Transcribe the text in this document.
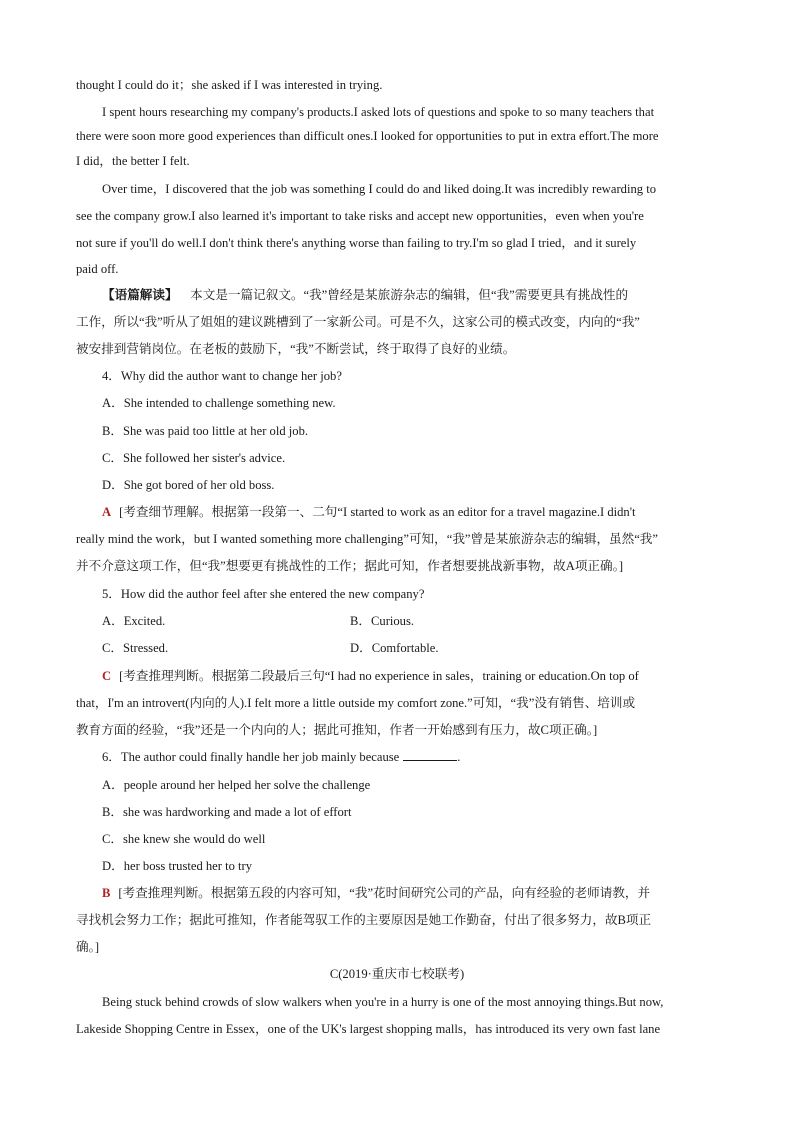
thought I could do it；she asked if I was interested in trying.
I spent hours researching my company's products.I asked lots of questions and spoke to so many teachers that
there were soon more good experiences than difficult ones.I looked for opportunities to put in extra effort.The more
I did，the better I felt.
Over time，I discovered that the job was something I could do and liked doing.It was incredibly rewarding to
see the company grow.I also learned it's important to take risks and accept new opportunities，even when you're
not sure if you'll do well.I don't think there's anything worse than failing to try.I'm so glad I tried，and it surely
paid off.
【语篇解读】 本文是一篇记叙文。“我”曾经是某旅游杂志的编辑，但“我”需要更具有挑战性的
工作，所以“我”听从了姐姐的建议跳槽到了一家新公司。可是不久，这家公司的模式改变，内向的“我”
被安排到营销岗位。在老板的鼓励下，“我”不断尝试，终于取得了良好的业绩。
4．Why did the author want to change her job?
A．She intended to challenge something new.
B．She was paid too little at her old job.
C．She followed her sister's advice.
D．She got bored of her old boss.
A [考查细节理解。根据第一段第一、二句“I started to work as an editor for a travel magazine.I didn't
really mind the work，but I wanted something more challenging”可知，“我”曾是某旅游杂志的编辑，虽然“我”
并不介意这项工作，但“我”想要更有挑战性的工作；据此可知，作者想要挑战新事物，故A项正确。]
5．How did the author feel after she entered the new company?
A．Excited.	B．Curious.
C．Stressed.	D．Comfortable.
C [考查推理判断。根据第二段最后三句“I had no experience in sales，training or education.On top of
that，I'm an introvert(内向的人).I felt more a little outside my comfort zone.”可知，“我”没有销售、培训或
教育方面的经验，“我”还是一个内向的人；据此可推知，作者一开始感到有压力，故C项正确。]
6．The author could finally handle her job mainly because	.
A．people around her helped her solve the challenge
B．she was hardworking and made a lot of effort
C．she knew she would do well
D．her boss trusted her to try
B [考查推理判断。根据第五段的内容可知，“我”花时间研究公司的产品，向有经验的老师请教，并
寻找机会努力工作；据此可推知，作者能驾驭工作的主要原因是她工作勤奋，付出了很多努力，故B项正
确。]
C(2019·重庆市七校联考)
Being stuck behind crowds of slow walkers when you're in a hurry is one of the most annoying things.But now,
Lakeside Shopping Centre in Essex，one of the UK's largest shopping malls，has introduced its very own fast lane
